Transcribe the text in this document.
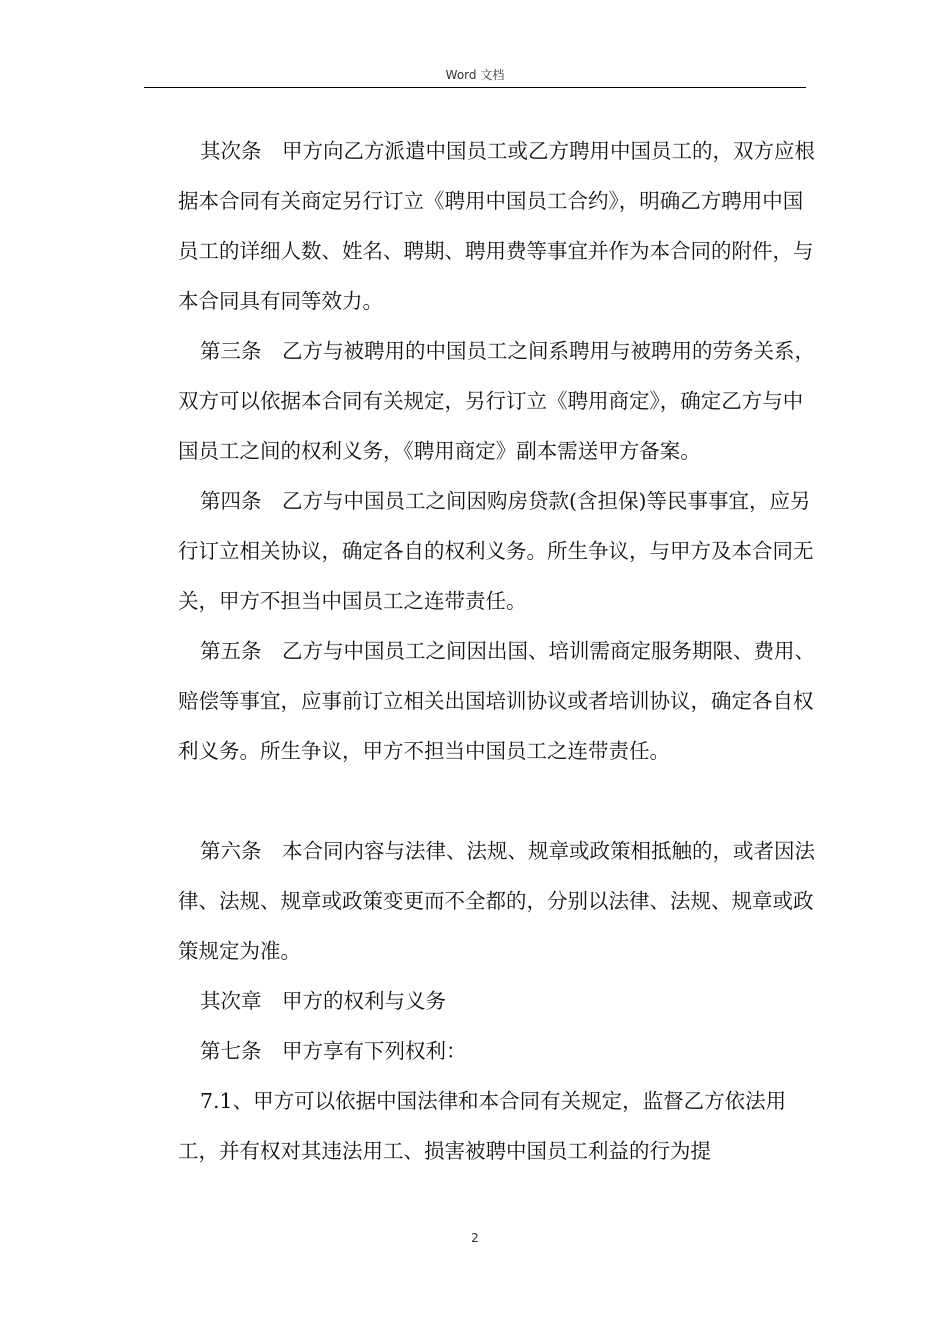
Word 文档

其次条　甲方向乙方派遣中国员工或乙方聘用中国员工的，双方应根据本合同有关商定另行订立《聘用中国员工合约》，明确乙方聘用中国员工的详细人数、姓名、聘期、聘用费等事宜并作为本合同的附件，与本合同具有同等效力。

第三条　乙方与被聘用的中国员工之间系聘用与被聘用的劳务关系，双方可以依据本合同有关规定，另行订立《聘用商定》，确定乙方与中国员工之间的权利义务，《聘用商定》副本需送甲方备案。

第四条　乙方与中国员工之间因购房贷款(含担保)等民事事宜，应另行订立相关协议，确定各自的权利义务。所生争议，与甲方及本合同无关，甲方不担当中国员工之连带责任。

第五条　乙方与中国员工之间因出国、培训需商定服务期限、费用、赔偿等事宜，应事前订立相关出国培训协议或者培训协议，确定各自权利义务。所生争议，甲方不担当中国员工之连带责任。

第六条　本合同内容与法律、法规、规章或政策相抵触的，或者因法律、法规、规章或政策变更而不全都的，分别以法律、法规、规章或政策规定为准。

其次章　甲方的权利与义务

第七条　甲方享有下列权利：

7.1、甲方可以依据中国法律和本合同有关规定，监督乙方依法用工，并有权对其违法用工、损害被聘中国员工利益的行为提

2
